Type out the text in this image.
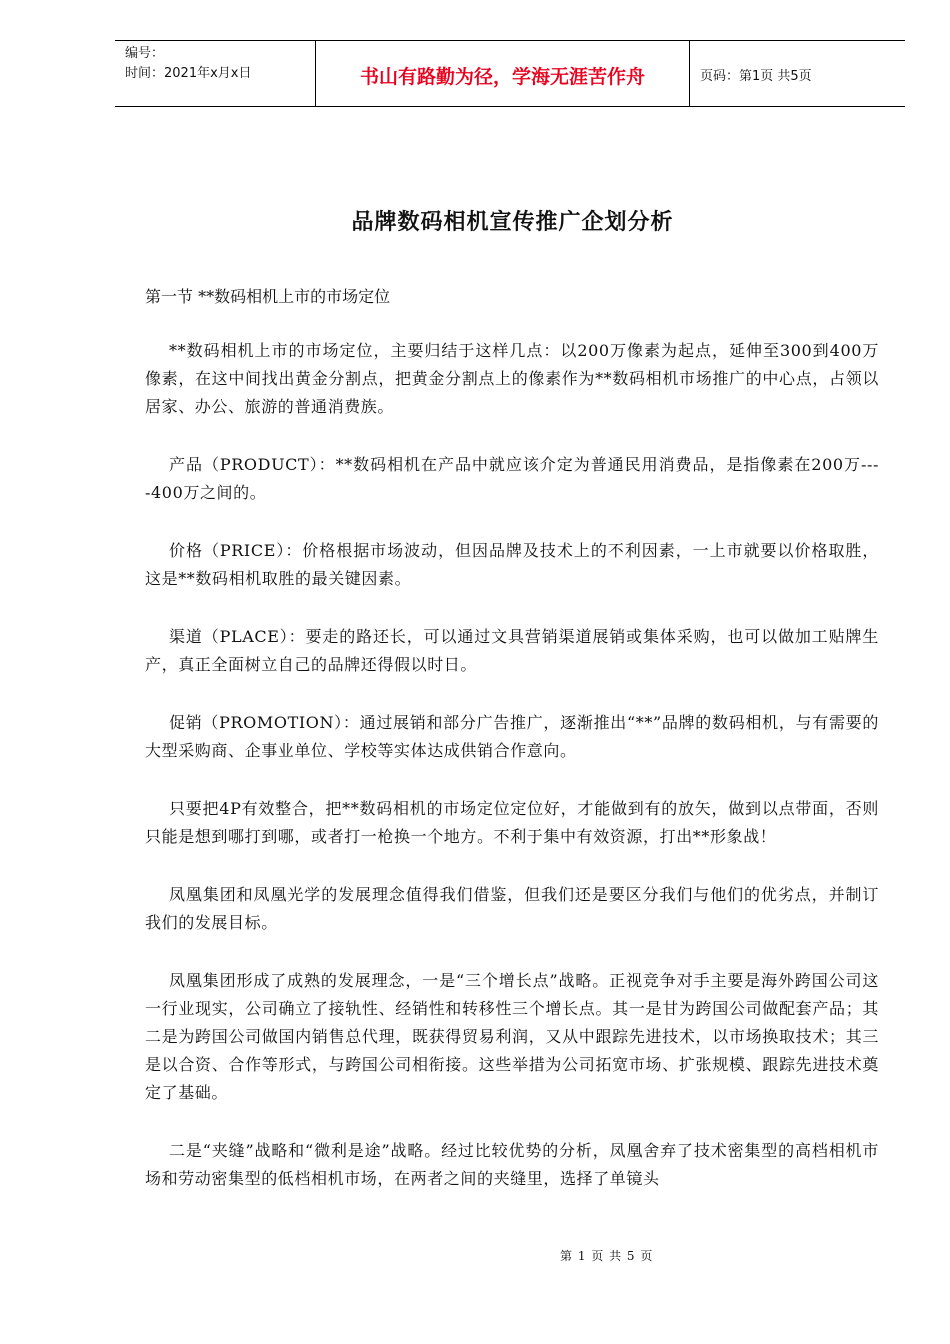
编号：
时间：2021年x月x日	书山有路勤为径，学海无涯苦作舟	页码：第1页 共5页
品牌数码相机宣传推广企划分析
第一节 **数码相机上市的市场定位

**数码相机上市的市场定位，主要归结于这样几点：以200万像素为起点，延伸至300到400万像素，在这中间找出黄金分割点，把黄金分割点上的像素作为**数码相机市场推广的中心点，占领以居家、办公、旅游的普通消费族。

产品（PRODUCT）：**数码相机在产品中就应该介定为普通民用消费品，是指像素在200万----400万之间的。

价格（PRICE）：价格根据市场波动，但因品牌及技术上的不利因素，一上市就要以价格取胜，这是**数码相机取胜的最关键因素。

渠道（PLACE）：要走的路还长，可以通过文具营销渠道展销或集体采购，也可以做加工贴牌生产，真正全面树立自己的品牌还得假以时日。

促销（PROMOTION）：通过展销和部分广告推广，逐渐推出“**”品牌的数码相机，与有需要的大型采购商、企事业单位、学校等实体达成供销合作意向。

只要把4P有效整合，把**数码相机的市场定位定位好，才能做到有的放矢，做到以点带面，否则只能是想到哪打到哪，或者打一枪换一个地方。不利于集中有效资源，打出**形象战！

凤凰集团和凤凰光学的发展理念值得我们借鉴，但我们还是要区分我们与他们的优劣点，并制订我们的发展目标。

凤凰集团形成了成熟的发展理念，一是“三个增长点”战略。正视竞争对手主要是海外跨国公司这一行业现实，公司确立了接轨性、经销性和转移性三个增长点。其一是甘为跨国公司做配套产品；其二是为跨国公司做国内销售总代理，既获得贸易利润，又从中跟踪先进技术，以市场换取技术；其三是以合资、合作等形式，与跨国公司相衔接。这些举措为公司拓宽市场、扩张规模、跟踪先进技术奠定了基础。

二是“夹缝”战略和“微利是途”战略。经过比较优势的分析，凤凰舍弃了技术密集型的高档相机市场和劳动密集型的低档相机市场，在两者之间的夹缝里，选择了单镜头

第 1 页 共 5 页
